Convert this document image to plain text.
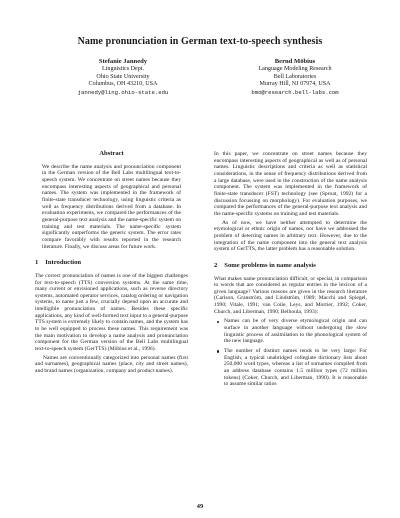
Name pronunciation in German text-to-speech synthesis
Stefanie Jannedy
Linguistics Dept.
Ohio State University
Columbus, OH 43210, USA
jannedy@ling.ohio-state.edu
Bernd Möbius
Language Modeling Research
Bell Laboratories
Murray Hill, NJ 07974, USA
bmo@research.bell-labs.com
Abstract

We describe the name analysis and pronunciation component in the German version of the Bell Labs multilingual text-to-speech system. We concentrate on street names because they encompass interesting aspects of geographical and personal names. The system was implemented in the framework of finite-state transducer technology, using linguistic criteria as well as frequency distributions derived from a database. In evaluation experiments, we compared the performances of the general-purpose text analysis and the name-specific system on training and test materials. The name-specific system significantly outperforms the generic system. The error rates compare favorably with results reported in the research literature. Finally, we discuss areas for future work.

1 Introduction

The correct pronunciation of names is one of the biggest challenges for text-to-speech (TTS) conversion systems. At the same time, many current or envisioned applications, such as reverse directory systems, automated operator services, catalog ordering or navigation systems, to name just a few, crucially depend upon an accurate and intelligible pronunciation of names. Besides these specific applications, any kind of well-formed text input to a general-purpose TTS system is extremely likely to contain names, and the system has to be well equipped to process these names. This requirement was the main motivation to develop a name analysis and pronunciation component for the German version of the Bell Labs multilingual text-to-speech system (GerTTS) (Möbius et al., 1996).

Names are conventionally categorized into personal names (first and surnames), geographical names (place, city and street names), and brand names (organization, company and product names).

In this paper, we concentrate on street names because they encompass interesting aspects of geographical as well as of personal names. Linguistic descriptions and criteria as well as statistical considerations, in the sense of frequency distributions derived from a large database, were used in the construction of the name analysis component. The system was implemented in the framework of finite-state transducer (FST) technology (see (Sproat, 1992) for a discussion focussing on morphology). For evaluation purposes, we compared the performances of the general-purpose text analysis and the name-specific systems on training and test materials.

As of now, we have neither attempted to determine the etymological or ethnic origin of names, nor have we addressed the problem of detecting names in arbitrary text. However, due to the integration of the name component into the general text analysis system of GerTTS, the latter problem has a reasonable solution.

2 Some problems in name analysis

What makes name pronunciation difficult, or special, in comparison to words that are considered as regular entries in the lexicon of a given language? Various reasons are given in the research literature (Carlson, Granström, and Lindström, 1989; Macchi and Spiegel, 1990; Vitale, 1991; van Coile, Leys, and Mortier, 1992; Coker, Church, and Liberman, 1990; Belhoula, 1993):

Names can be of very diverse etymological origin and can surface in another language without undergoing the slow linguistic process of assimilation to the phonological system of the new language.
The number of distinct names tends to be very large: For English, a typical unabridged collegiate dictionary lists about 250,000 word types, whereas a list of surnames compiled from an address database contains 1.5 million types (72 million tokens) (Coker, Church, and Liberman, 1990). It is reasonable to assume similar ratios
49
